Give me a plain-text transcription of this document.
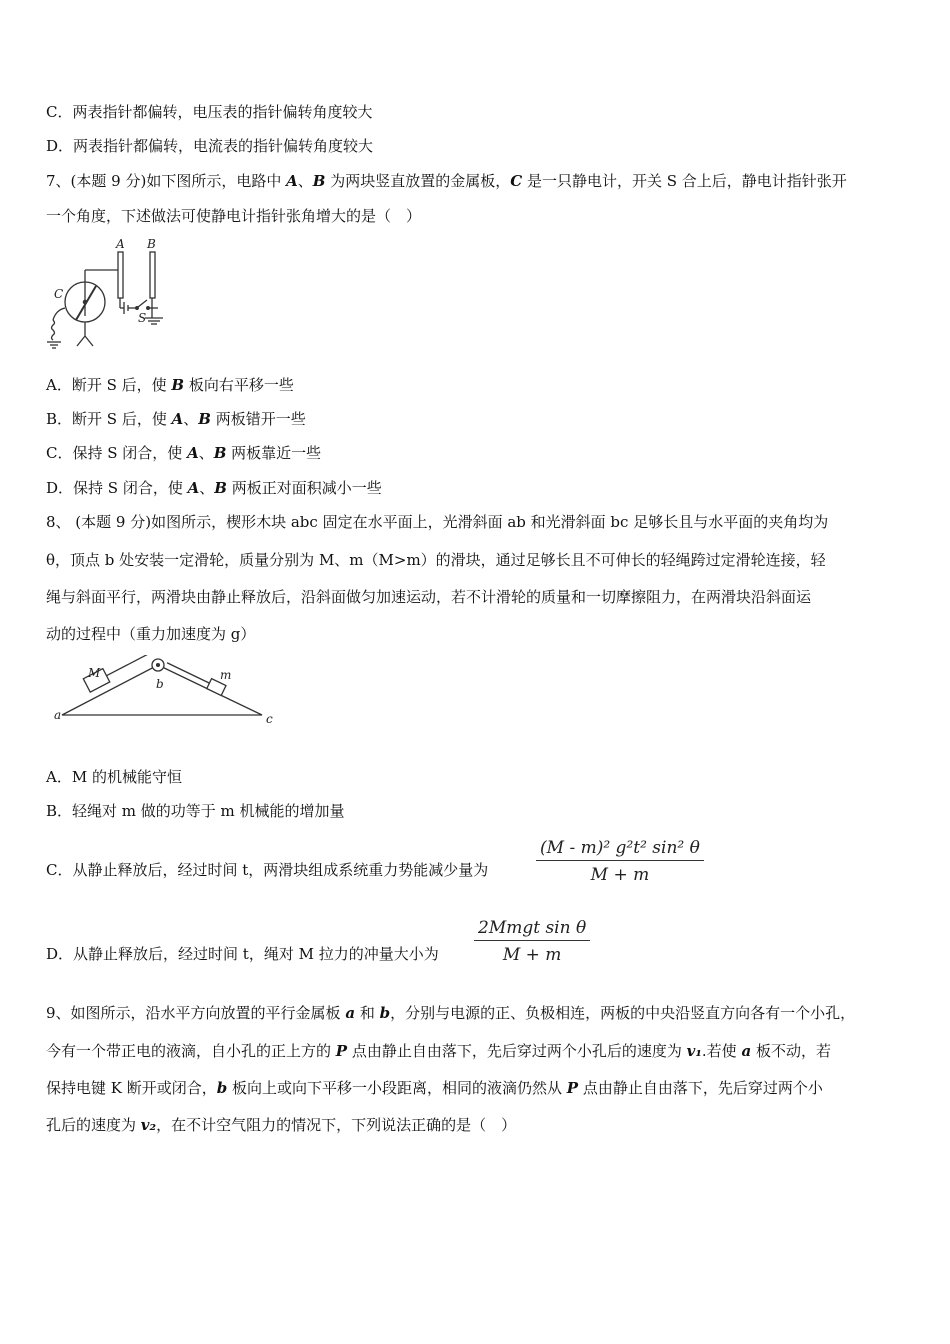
C．两表指针都偏转，电压表的指针偏转角度较大
D．两表指针都偏转，电流表的指针偏转角度较大
7、(本题 9 分)如下图所示，电路中 A、B 为两块竖直放置的金属板，C 是一只静电计，开关 S 合上后，静电计指针张开
一个角度，下述做法可使静电计指针张角增大的是（　）
A B
C
S
A．断开 S 后，使 B 板向右平移一些
B．断开 S 后，使 A、B 两板错开一些
C．保持 S 闭合，使 A、B 两板靠近一些
D．保持 S 闭合，使 A、B 两板正对面积减小一些
8、 (本题 9 分)如图所示，楔形木块 abc 固定在水平面上，光滑斜面 ab 和光滑斜面 bc 足够长且与水平面的夹角均为
θ，顶点 b 处安装一定滑轮，质量分别为 M、m（M>m）的滑块，通过足够长且不可伸长的轻绳跨过定滑轮连接，轻
绳与斜面平行，两滑块由静止释放后，沿斜面做匀加速运动，若不计滑轮的质量和一切摩擦阻力，在两滑块沿斜面运
动的过程中（重力加速度为 g）
M	m
a
b
c
A．M 的机械能守恒
B．轻绳对 m 做的功等于 m 机械能的增加量
C．从静止释放后，经过时间 t，两滑块组成系统重力势能减少量为	$\frac{\text{(M - m)² g²t² sin² θ}}{M + m}$
D．从静止释放后，经过时间 t，绳对 M 拉力的冲量大小为
2Mmgt sin θ
M + m
9、如图所示，沿水平方向放置的平行金属板 a 和 b，分别与电源的正、负极相连，两板的中央沿竖直方向各有一个小孔，
今有一个带正电的液滴，自小孔的正上方的 P 点由静止自由落下，先后穿过两个小孔后的速度为 v₁.若使 a 板不动，若
保持电键 K 断开或闭合，b 板向上或向下平移一小段距离，相同的液滴仍然从 P 点由静止自由落下，先后穿过两个小
孔后的速度为 v₂，在不计空气阻力的情况下，下列说法正确的是（　）
